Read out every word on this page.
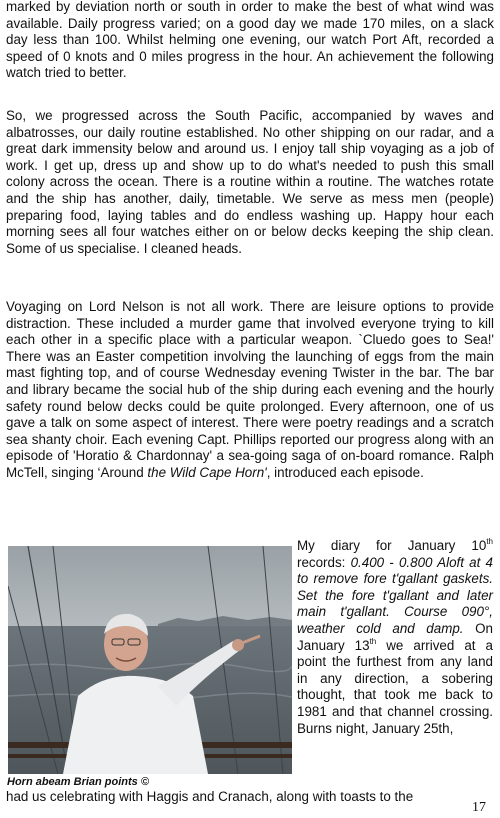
marked by deviation north or south in order to make the best of what wind was available. Daily progress varied; on a good day we made 170 miles, on a slack day less than 100. Whilst helming one evening, our watch Port Aft, recorded a speed of 0 knots and 0 miles progress in the hour. An achievement the following watch tried to better.

So, we progressed across the South Pacific, accompanied by waves and albatrosses, our daily routine established. No other shipping on our radar, and a great dark immensity below and around us. I enjoy tall ship voyaging as a job of work. I get up, dress up and show up to do what's needed to push this small colony across the ocean. There is a routine within a routine. The watches rotate and the ship has another, daily, timetable. We serve as mess men (people) preparing food, laying tables and do endless washing up. Happy hour each morning sees all four watches either on or below decks keeping the ship clean. Some of us specialise. I cleaned heads.

Voyaging on Lord Nelson is not all work. There are leisure options to provide distraction. These included a murder game that involved everyone trying to kill each other in a specific place with a particular weapon. `Cluedo goes to Sea!' There was an Easter competition involving the launching of eggs from the main mast fighting top, and of course Wednesday evening Twister in the bar. The bar and library became the social hub of the ship during each evening and the hourly safety round below decks could be quite prolonged. Every afternoon, one of us gave a talk on some aspect of interest. There were poetry readings and a scratch sea shanty choir. Each evening Capt. Phillips reported our progress along with an episode of 'Horatio & Chardonnay' a sea-going saga of on-board romance. Ralph McTell, singing ‘Around the Wild Cape Horn', introduced each episode.

Horn abeam Brian points ©
My diary for January 10th records: 0.400 - 0.800 Aloft at 4 to remove fore t'gallant gaskets. Set the fore t'gallant and later main t'gallant. Course 090°, weather cold and damp. On January 13th we arrived at a point the furthest from any land in any direction, a sobering thought, that took me back to 1981 and that channel crossing. Burns night, January 25th,
had us celebrating with Haggis and Cranach, along with toasts to the
17
